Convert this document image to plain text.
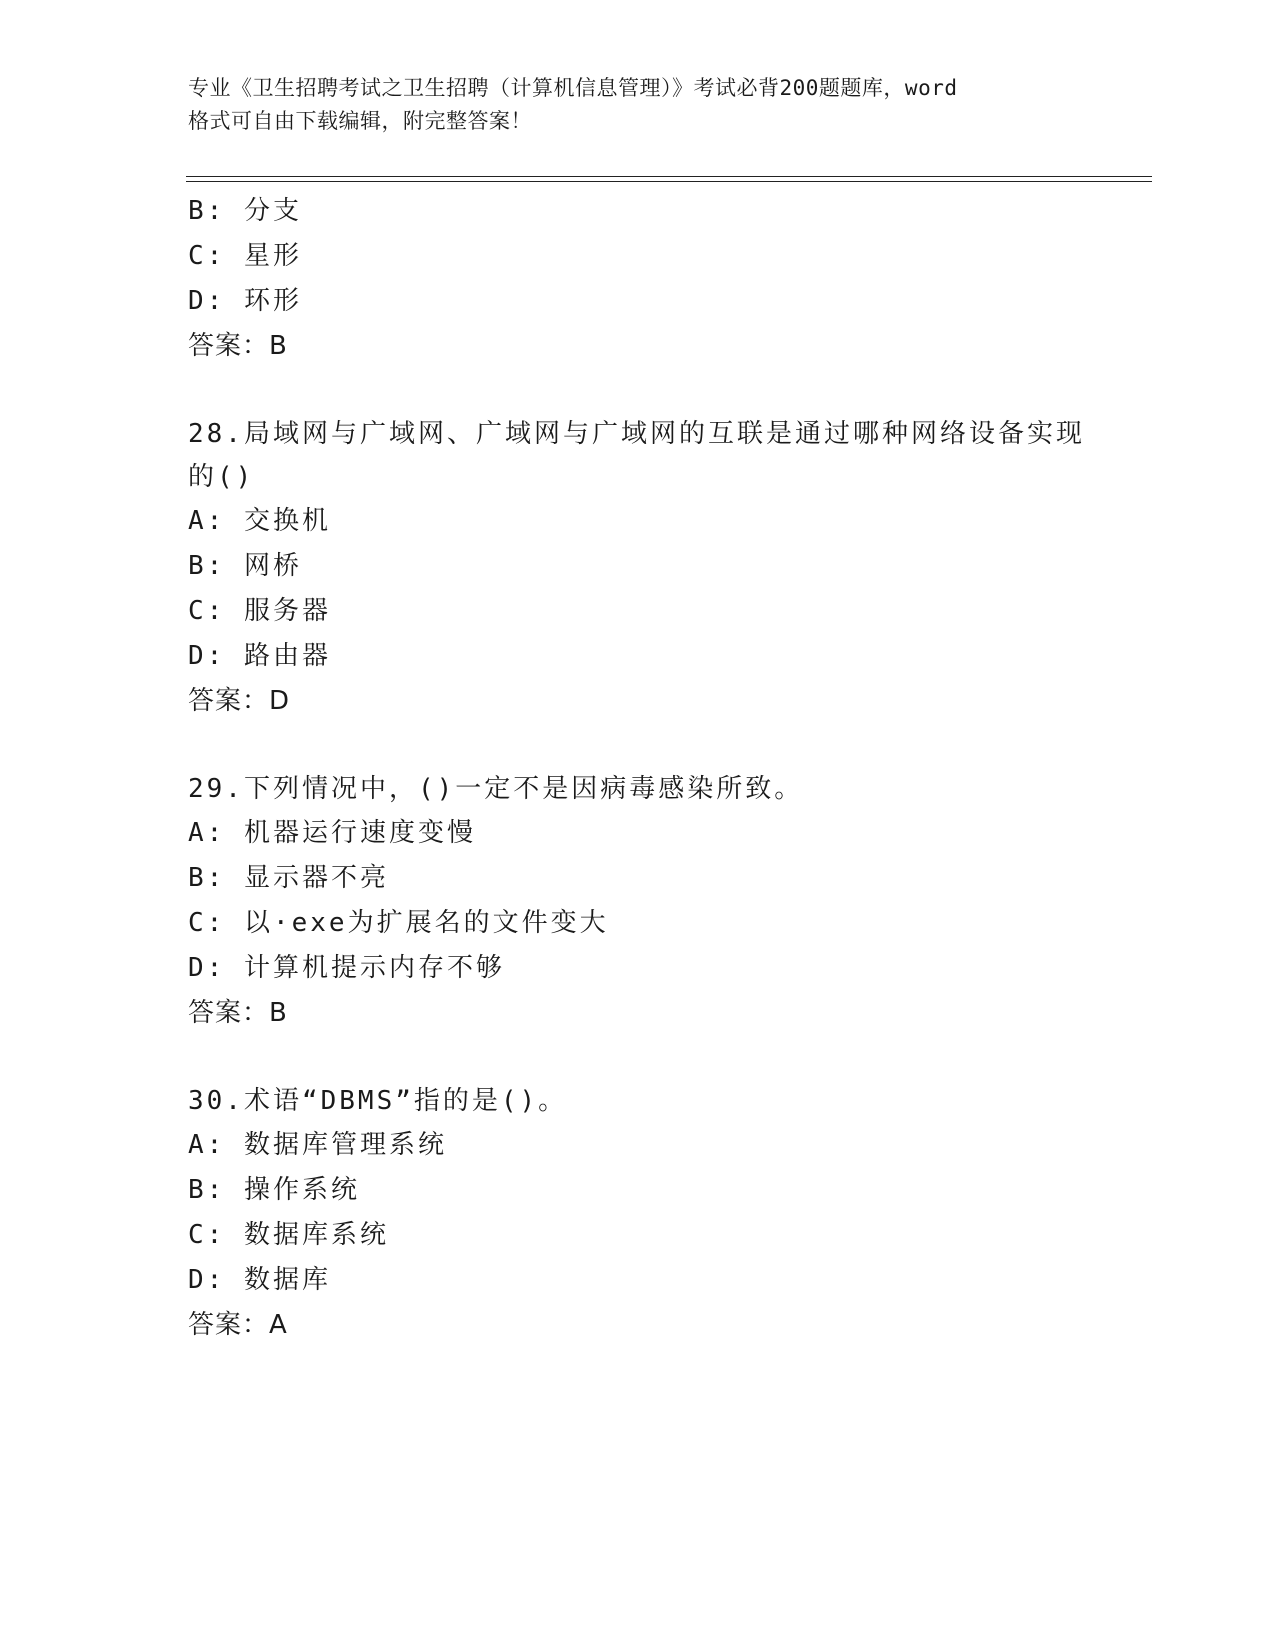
专业《卫生招聘考试之卫生招聘（计算机信息管理）》考试必背200题题库，word
格式可自由下载编辑，附完整答案！
B: 分支
C: 星形
D: 环形
答案：B
28.局域网与广域网、广域网与广域网的互联是通过哪种网络设备实现
的()
A: 交换机
B: 网桥
C: 服务器
D: 路由器
答案：D
29.下列情况中，()一定不是因病毒感染所致。
A: 机器运行速度变慢
B: 显示器不亮
C: 以·exe为扩展名的文件变大
D: 计算机提示内存不够
答案：B
30.术语“DBMS”指的是()。
A: 数据库管理系统
B: 操作系统
C: 数据库系统
D: 数据库
答案：A
